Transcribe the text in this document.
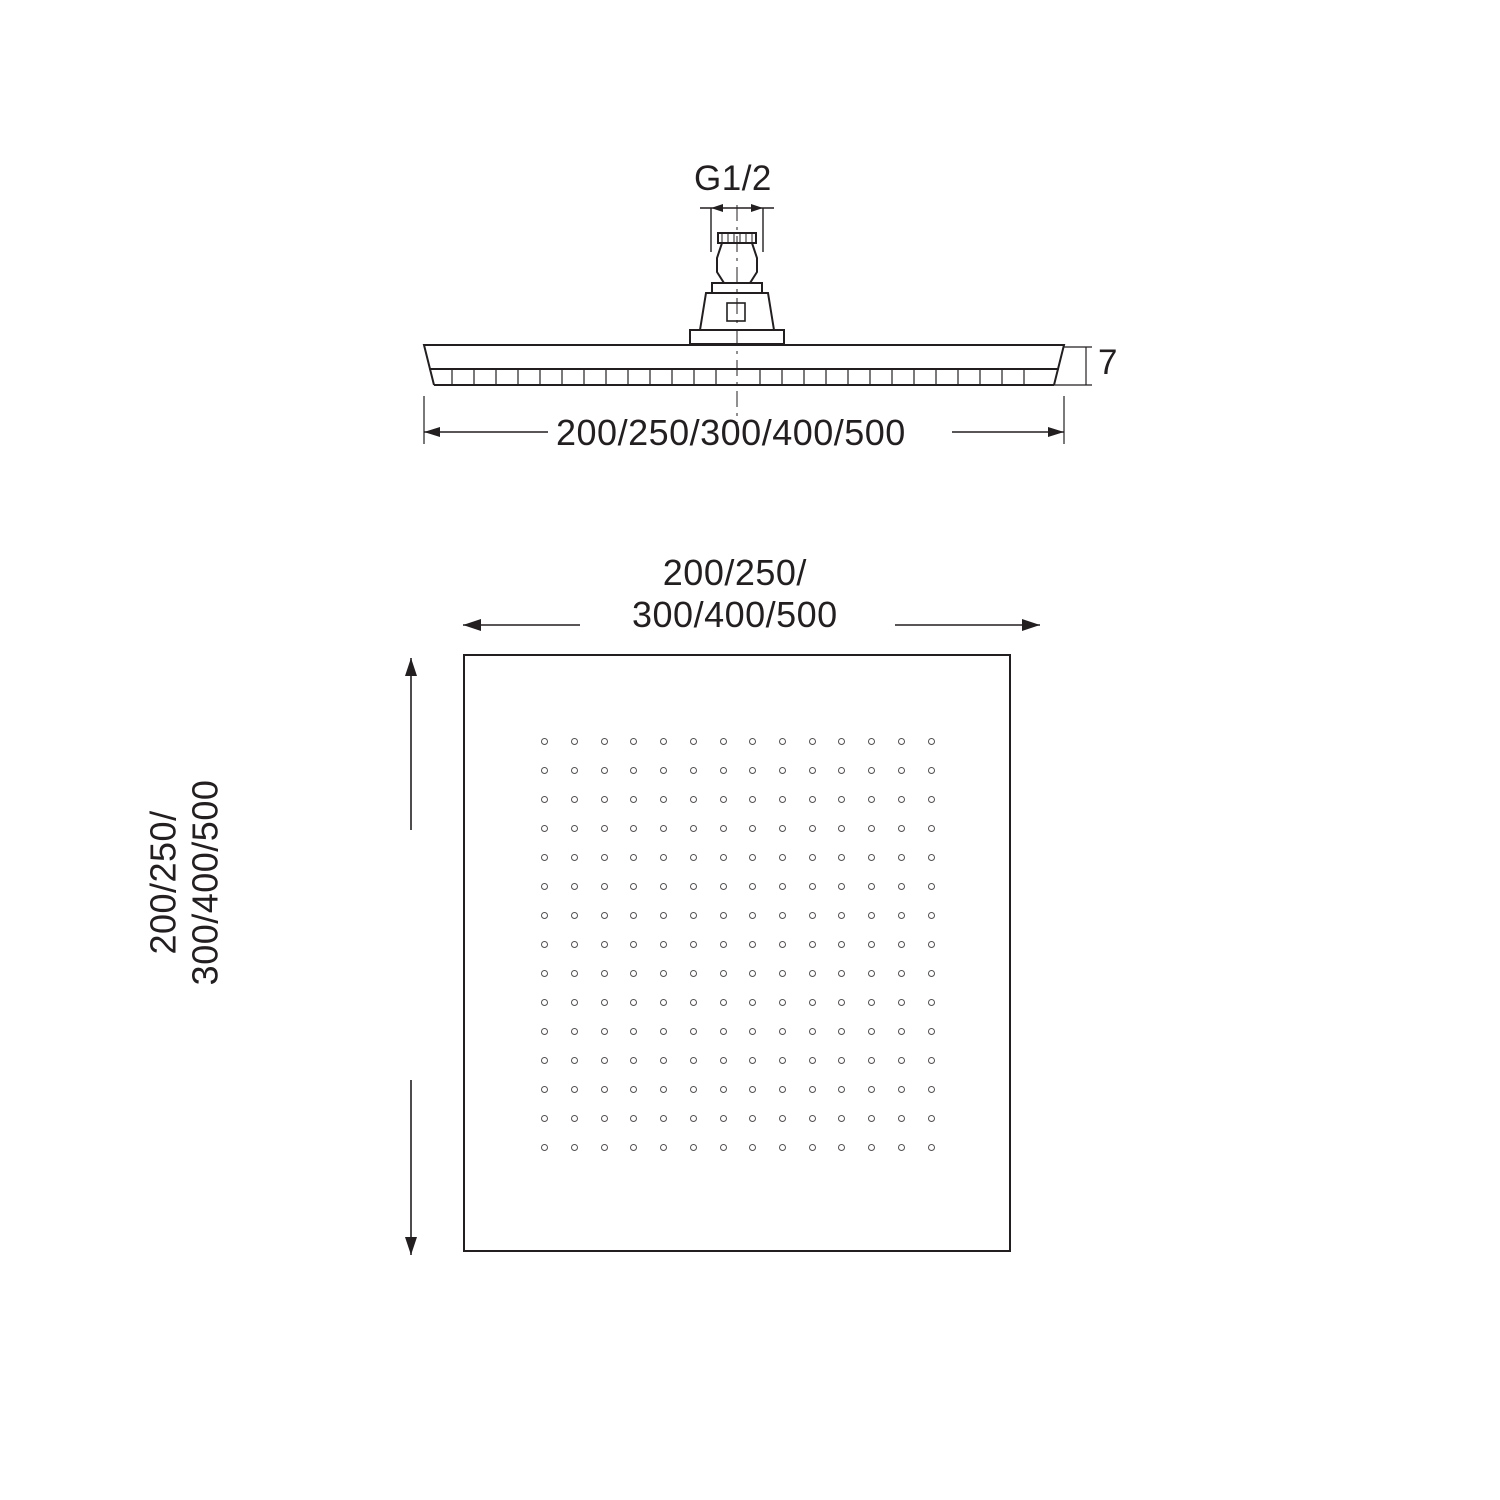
G1/2
7
200/250/300/400/500
200/250/
300/400/500
200/250/ 300/400/500
